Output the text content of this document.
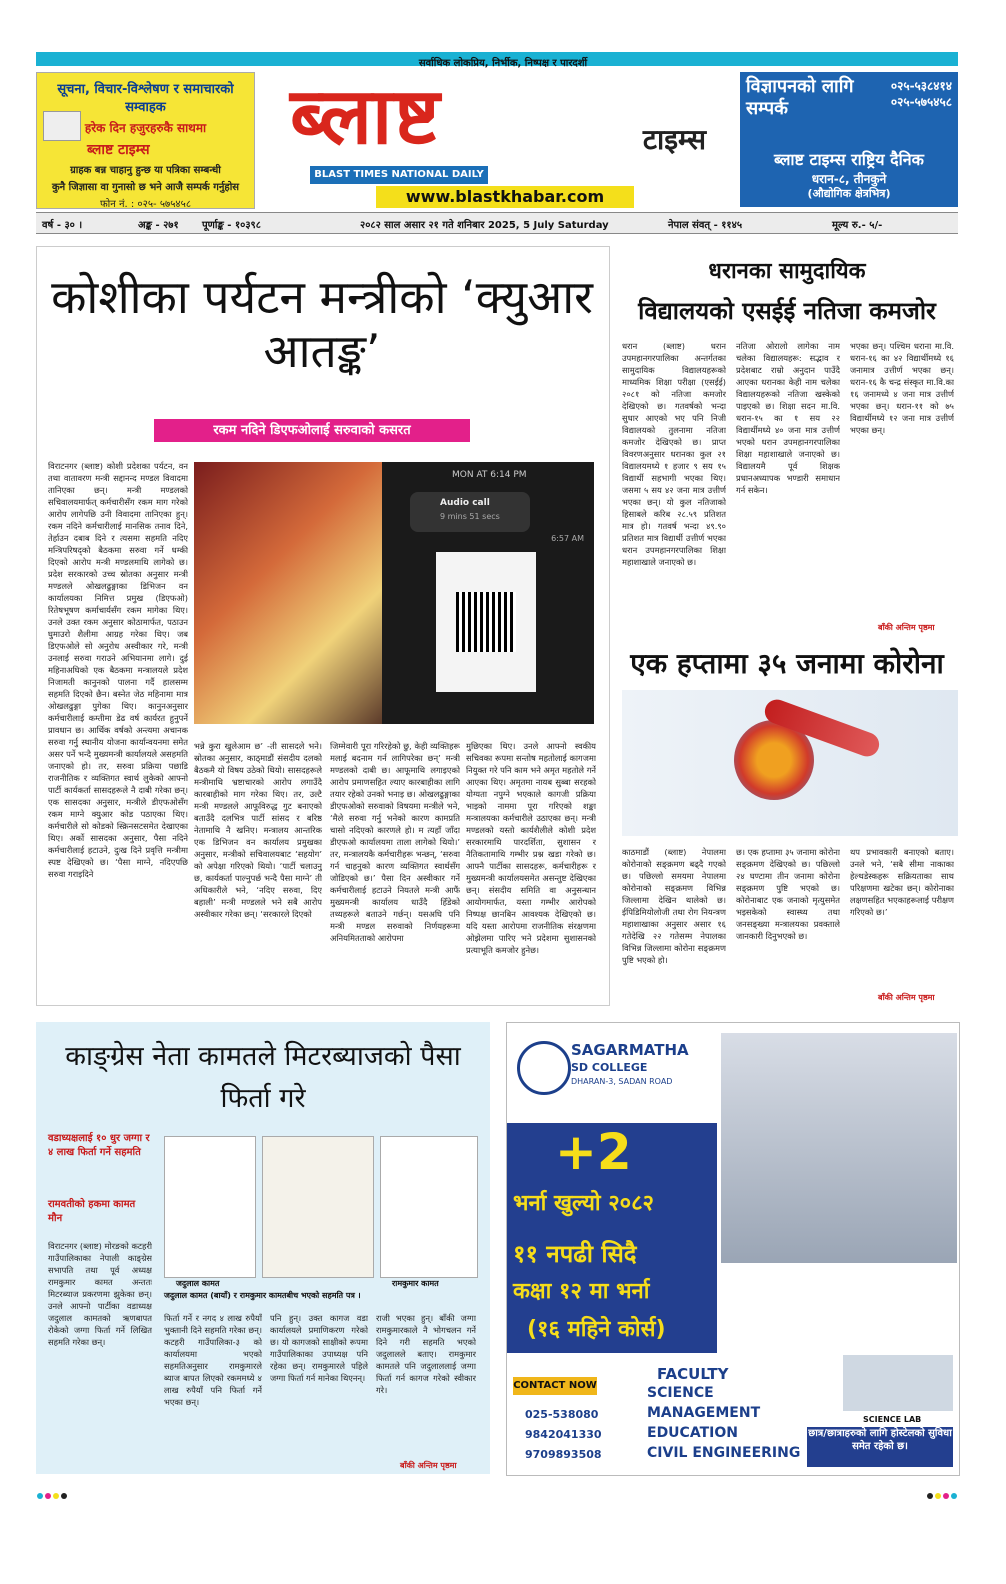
सर्वाधिक लोकप्रिय, निर्भीक, निष्पक्ष र पारदर्शी
सूचना, विचार-विश्लेषण र समाचारको सम्वाहक
हरेक दिन हजुरहरुकै साथमा
ब्लाष्ट टाइम्स
ग्राहक बन्न चाहानु हुन्छ या पत्रिका सम्बन्धी
कुनै जिज्ञासा वा गुनासो छ भने आजै सम्पर्क गर्नुहोस
फोन नं. : ०२५- ५७५४५८
ब्लाष्ट	टाइम्स
BLAST TIMES NATIONAL DAILY
www.blastkhabar.com
विज्ञापनको लागि सम्पर्क
०२५-५३८४१४
०२५-५७५४५८
ब्लाष्ट टाइम्स राष्ट्रिय दैनिक
धरान-८, तीनकुने
(औद्योगिक क्षेत्रभित्र)
वर्ष - ३० ।	अङ्क - २७१ पूर्णाङ्क - १०३९८	२०८२ साल असार २१ गते शनिबार 2025, 5 July Saturday	नेपाल संवत् - ११४५	मूल्य रु.- ५/-
कोशीका पर्यटन मन्त्रीको ‘क्युआर आतङ्क’
रकम नदिने डिएफओलाई सरुवाको कसरत
विराटनगर (ब्लाष्ट) कोशी प्रदेशका पर्यटन, वन तथा वातावरण मन्त्री सद्दानन्द मण्डल विवादमा तानिएका छन्। मन्त्री मण्डलको सचिवालयमार्फत् कर्मचारीसँग रकम माग गरेको आरोप लागेपछि उनी विवादमा तानिएका हुन्। रकम नदिने कर्मचारीलाई मानसिक तनाव दिने, तेर्हाउन दबाब दिने र त्यसमा सहमति नदिए मन्त्रिपरिषद्को बैठकमा सरुवा गर्ने धम्की दिएको आरोप मन्त्री मण्डलमाथि लागेको छ। प्रदेश सरकारको उच्च स्रोतका अनुसार मन्त्री मण्डलले ओखलढुङ्गाका डिभिजन वन कार्यालयका निमित्त प्रमुख (डिएफओ) रितेषभूषण कर्माचार्यसँग रकम मागेका थिए। उनले उक्त रकम अनुसार कोठामार्फत, पठाउन घुमाउरो शैलीमा आग्रह गरेका थिए। जब डिएफओले सो अनुरोध अस्वीकार गरे, मन्त्री उनलाई सरुवा गराउने अभियानमा लागे। दुई महिनाअघिको एक बैठकमा मन्त्रालयले प्रदेश निजामती कानुनको पालना गर्दै हालसम्म सहमति दिएको छैन। बस्नेत जेठ महिनामा मात्र ओखलढुङ्गा पुगेका थिए। कानुनअनुसार कर्मचारीलाई कम्तीमा डेढ वर्ष कार्यरत हुनुपर्ने प्रावधान छ। आर्थिक वर्षको अन्त्यमा अचानक सरुवा गर्नु स्थानीय योजना कार्यान्वयनमा समेत असर पर्ने भन्दै मुख्यमन्त्री कार्यालयले असहमति जनाएको हो। तर, सरुवा प्रक्रिया पछाडि राजनीतिक र व्यक्तिगत स्वार्थ लुकेको आफ्नो पार्टी कार्यकर्ता सासदहरूले नै दाबी गरेका छन्। एक सासदका अनुसार, मन्त्रीले डीएफओसँग रकम माग्ने क्युआर कोड पठाएका थिए। कर्मचारीले सो कोडको स्क्रिनसटसमेत देखाएका थिए। अर्को सासदका अनुसार, पैसा नदिने कर्मचारीलाई हटाउने, दुःख दिने प्रवृत्ति मन्त्रीमा स्पष्ट देखिएको छ। ‘पैसा माग्ने, नदिएपछि सरुवा गराइदिने
MON AT 6:14 PM
Audio call
9 mins 51 secs
6:57 AM
भन्ने कुरा खुलेआम छ’ -ती सासदले भने। स्रोतका अनुसार, काठ्माडौं संसदीय दलको बैठकमै यो विषय उठेको थियो। सासदहरूले मन्त्रीमाथि भ्रष्टाचारको आरोप लगाउँदै कारबाहीको माग गरेका थिए। तर, उल्टै मन्त्री मण्डलले आफूविरुद्ध गुट बनाएको बताउँदै दलभित्र पार्टी सांसद र बरिष्ठ नेतामाथि नै खनिए। मन्त्रालय आन्तरिक एक डिभिजन वन कार्यालय प्रमुखका अनुसार, मन्त्रीको सचिवालयबाट ‘सहयोग’ को अपेक्षा गरिएको थियो। ‘पार्टी चलाउनु छ, कार्यकर्ता पाल्नुपर्छ भन्दै पैसा माग्ने’ ती अधिकारीले भने, ‘नदिए सरुवा, दिए बहाली’ मन्त्री मण्डलले भने सबै आरोप अस्वीकार गरेका छन्। ‘सरकारले दिएको
जिम्मेवारी पूरा गरिरहेको छु, केही व्यक्तिहरू मलाई बदनाम गर्न लागिपरेका छन्’ मन्त्री मण्डलको दाबी छ। आफूमाथि लगाइएको आरोप प्रमाणसहित ल्याए कारबाहीका लागि तयार रहेको उनको भनाइ छ। ओखलढुङ्गाका डीएफओको सरुवाको विषयमा मन्त्रीले भने, ‘मैले सरुवा गर्नु भनेको कारण कामप्रति चासो नदिएको कारणले हो। म त्यहाँ जाँदा डीएफओ कार्यालयमा ताला लागेको थियो।’ तर, मन्त्रालयकै कर्मचारीहरू भन्छन्, ‘सरुवा गर्न चाहनुको कारण व्यक्तिगत स्वार्थसँग जोडिएको छ।’ पैसा दिन अस्वीकार गर्ने कर्मचारीलाई हटाउने नियतले मन्त्री आफैं मुख्यमन्त्री कार्यालय धाउँदै हिँडेको तथ्यहरूले बताउने गर्छन्। यसअघि पनि मन्त्री मण्डल सरुवाको निर्णयहरूमा अनियमितताको आरोपमा
मुछिएका थिए। उनले आफ्नो स्वकीय सचिवका रूपमा सन्तोष महतोलाई कागजमा नियुक्त गरे पनि काम भने अमृत महतोले गर्ने आएका थिए। अमृतमा नायब सुब्बा सरहको योग्यता नपुग्ने भएकाले कागजी प्रक्रिया भाइको नाममा पूरा गरिएको शङ्का मन्त्रालयका कर्मचारीले उठाएका छन्। मन्त्री मण्डलको यस्तो कार्यशैलीले कोशी प्रदेश सरकारमाथि पारदर्शिता, सुशासन र नैतिकतामाथि गम्भीर प्रश्न खडा गरेको छ। आफ्नै पार्टीका सासदहरू, कर्मचारीहरू र मुख्यमन्त्री कार्यालयसमेत असन्तुष्ट देखिएका छन्। संसदीय समिति वा अनुसन्धान आयोगमार्फत, यस्ता गम्भीर आरोपको निष्पक्ष छानबिन आवश्यक देखिएको छ। यदि यस्ता आरोपमा राजनीतिक संरक्षणमा ओझेलमा पारिए भने प्रदेशमा सुशासनको प्रत्याभूति कमजोर हुनेछ।
धरानका सामुदायिक
विद्यालयको एसईई नतिजा कमजोर
धरान (ब्लाष्ट) धरान उपमहानगरपालिका अन्तर्गतका सामुदायिक विद्यालयहरूको माध्यमिक शिक्षा परीक्षा (एसईई) २०८१ को नतिजा कमजोर देखिएको छ। गतवर्षको भन्दा सुधार आएको भए पनि निजी विद्यालयको तुलनामा नतिजा कमजोर देखिएको छ। प्राप्त विवरणअनुसार धरानका कुल २१ विद्यालयमध्ये १ हजार ९ सय १५ विद्यार्थी सहभागी भएका थिए। जसमा ५ सय ४२ जना मात्र उत्तीर्ण भएका छन्। यो कुल नतिजाको हिसाबले करिब २८.५९ प्रतिशत मात्र हो। गतवर्ष भन्दा ४९.९० प्रतिशत मात्र विद्यार्थी उत्तीर्ण भएका धरान उपमहानगरपालिका शिक्षा महाशाखाले जनाएको छ।
नतिजा ओरालो लागेका नाम चलेका विद्यालयहरू: सद्भाव र प्रदेशबाट राम्रो अनुदान पाउँदै आएका धरानका केही नाम चलेका विद्यालयहरूको नतिजा खस्केको पाइएको छ। शिक्षा सदन मा.वि. धरान-१५ का १ सय २२ विद्यार्थीमध्ये ४० जना मात्र उत्तीर्ण भएको धरान उपमहानगरपालिका शिक्षा महाशाखाले जनाएको छ। विद्यालयमै पूर्व शिक्षक प्रधानअध्यापक भण्डारी समाधान गर्न सकेन।
भएका छन्। पश्चिम धराना मा.वि. धरान-१६ का ४२ विद्यार्थीमध्ये १६ जनामात्र उत्तीर्ण भएका छन्। धरान-१६ कै चन्द्र संस्कृत मा.वि.का १६ जनामध्ये ४ जना मात्र उत्तीर्ण भएका छन्। धरान-११ को ७५ विद्यार्थीमध्ये १२ जना मात्र उत्तीर्ण भएका छन्।
बाँकी अन्तिम पृष्ठमा
एक हप्तामा ३५ जनामा कोरोना
काठमाडौं (ब्लाष्ट) नेपालमा कोरोनाको सङ्क्रमण बढ्दै गएको छ। पछिल्लो समयमा नेपालमा कोरोनाको सङ्क्रमण विभिन्न जिल्लामा देखिन थालेको छ। ईपिडिमियोलोजी तथा रोग नियन्त्रण महाशाखाका अनुसार असार १६ गतेदेखि २२ गतेसम्म नेपालका विभिन्न जिल्लामा कोरोना सङ्क्रमण पुष्टि भएको हो।
छ। एक हप्तामा ३५ जनामा कोरोना सङ्क्रमण देखिएको छ। पछिल्लो २४ घण्टामा तीन जनामा कोरोना सङ्क्रमण पुष्टि भएको छ। कोरोनाबाट एक जनाको मृत्युसमेत भइसकेको स्वास्थ्य तथा जनसङ्ख्या मन्त्रालयका प्रवक्ताले जानकारी दिनुभएको छ।
थप प्रभावकारी बनाएको बताए। उनले भने, ‘सबै सीमा नाकाका हेल्थडेस्कहरू सक्रियताका साथ परिक्षणमा खटेका छन्। कोरोनाका लक्षणसहित भएकाहरूलाई परीक्षण गरिएको छ।’
बाँकी अन्तिम पृष्ठमा
काङ्ग्रेस नेता कामतले मिटरब्याजको पैसा फिर्ता गरे
वडाध्यक्षलाई १० धुर जग्गा र ४ लाख फिर्ता गर्ने सहमति
रामवतीको हकमा कामत मौन
विराटनगर (ब्लाष्ट) मोरङको कटहरी गाउँपालिकाका नेपाली काङ्ग्रेस सभापति तथा पूर्व अध्यक्ष रामकुमार कामत अन्ततः मिटरब्याज प्रकरणमा झुकेका छन्। उनले आफ्नो पार्टीका वडाध्यक्ष जदुलाल कामतको ऋणबापत रोकेको जग्गा फिर्ता गर्ने लिखित सहमति गरेका छन्।
जदुलाल कामत	रामकुमार कामत
जदुलाल कामत (बायाँ) र रामकुमार कामतबीच भएको सहमति पत्र ।
फिर्ता गर्ने र नगद ४ लाख रुपैयाँ भुक्तानी दिने सहमति गरेका छन्। कटहरी गाउँपालिका-३ को कार्यालयमा भएको सहमतिअनुसार रामकुमारले ब्याज बापत लिएको रकममध्ये ४ लाख रुपैयाँ पनि फिर्ता गर्ने भएका छन्।
पनि हुन्। उक्त कागज वडा कार्यालयले प्रमाणिकरण गरेको छ। यो कागजको साक्षीको रूपमा गाउँपालिकाका उपाध्यक्ष पनि रहेका छन्। रामकुमारले पहिले जग्गा फिर्ता गर्न मानेका थिएनन्।
राजी भएका हुन्। बाँकी जग्गा रामकुमारकाले नै भोगचलन गर्ने दिने गरी सहमति भएको जदुलालले बताए। रामकुमार कामतले पनि जदुलाललाई जग्गा फिर्ता गर्न कागज गरेको स्वीकार गरे।
बाँकी अन्तिम पृष्ठमा
SAGARMATHA
SD COLLEGE
DHARAN-3, SADAN ROAD
+2
भर्ना खुल्यो २०८२
११ नपढी सिदै
कक्षा १२ मा भर्ना
(१६ महिने कोर्स)
CONTACT NOW
025-538080
9842041330
9709893508
FACULTY
SCIENCE
MANAGEMENT
EDUCATION
CIVIL ENGINEERING
SCIENCE LAB
छात्र/छात्राहरुको लागि होस्टेलको सुविधा समेत रहेको छ।
